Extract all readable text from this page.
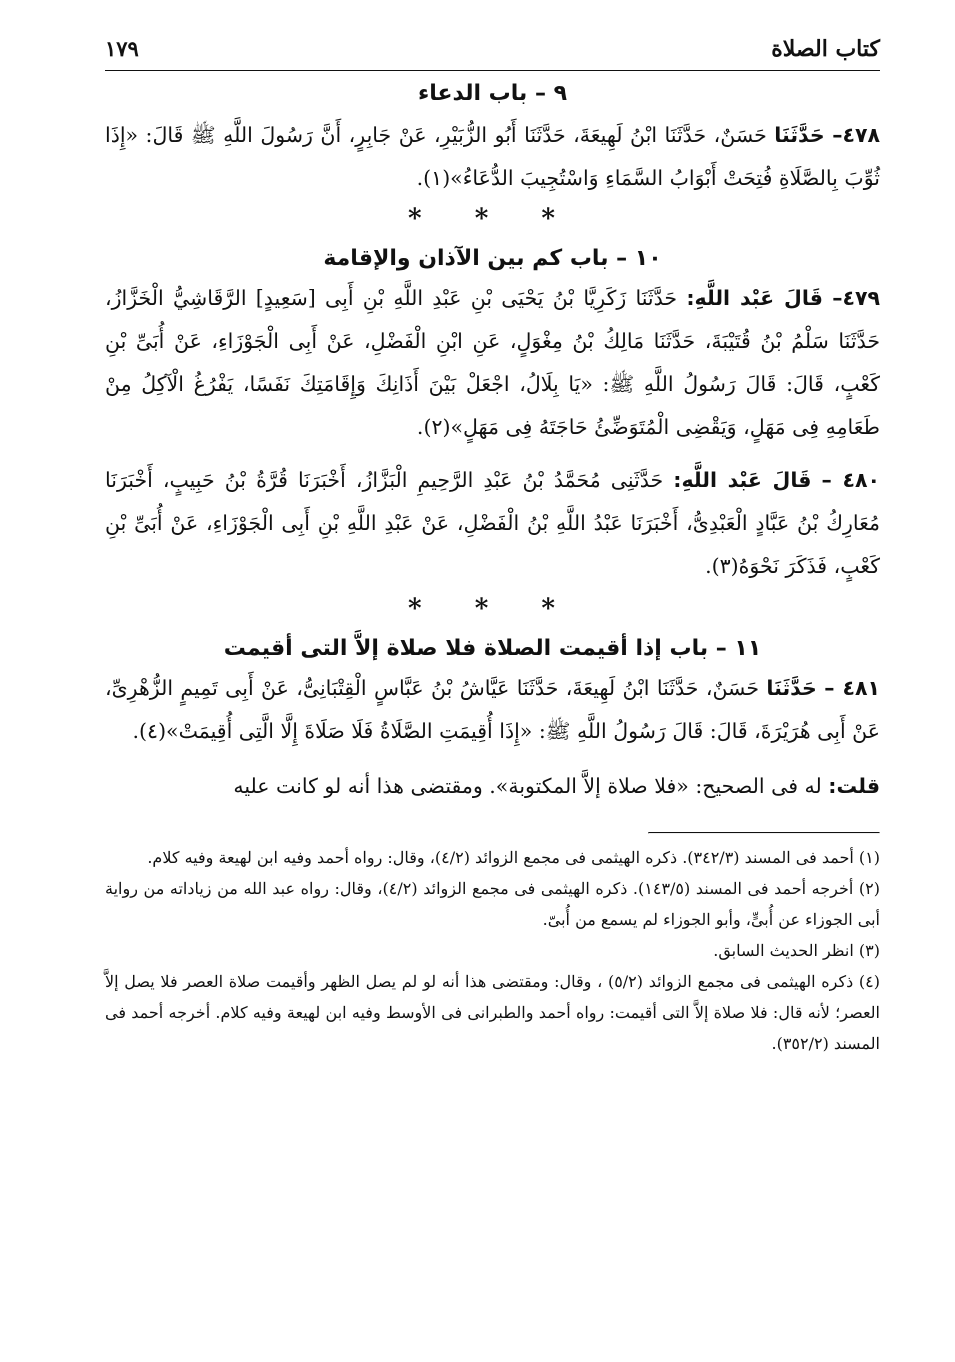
كتاب الصلاة
١٧٩
٩ – باب الدعاء

٤٧٨– حَدَّثَنَا حَسَنٌ، حَدَّثَنَا ابْنُ لَهِيعَةَ، حَدَّثَنَا أَبُو الزُّبَيْرِ، عَنْ جَابِرٍ، أَنَّ رَسُولَ اللَّهِ ﷺ قَالَ: «إِذَا ثُوِّبَ بِالصَّلَاةِ فُتِحَتْ أَبْوَابُ السَّمَاءِ وَاسْتُجِيبَ الدُّعَاءُ»(١).

* * *
١٠ – باب كم بين الآذان والإقامة

٤٧٩– قَالَ عَبْد اللَّهِ: حَدَّثَنَا زَكَرِيَّا بْنُ يَحْيَى بْنِ عَبْدِ اللَّهِ بْنِ أَبِى [سَعِيدٍ] الرَّقَاشِيُّ الْخَزَّازُ، حَدَّثَنَا سَلْمُ بْنُ قُتَيْبَةَ، حَدَّثَنَا مَالِكُ بْنُ مِغْوَلٍ، عَنِ ابْنِ الْفَضْلِ، عَنْ أَبِى الْجَوْزَاءِ، عَنْ أُبَىِّ بْنِ كَعْبٍ، قَالَ: قَالَ رَسُولُ اللَّهِ ﷺ: «يَا بِلَالُ، اجْعَلْ بَيْنَ أَذَانِكَ وَإِقَامَتِكَ نَفَسًا، يَفْرُغُ الْآكِلُ مِنْ طَعَامِهِ فِى مَهَلٍ، وَيَقْضِى الْمُتَوَضِّئُ حَاجَتَهُ فِى مَهَلٍ»(٢).

٤٨٠ – قَالَ عَبْد اللَّهِ: حَدَّثَنِى مُحَمَّدُ بْنُ عَبْدِ الرَّحِيمِ الْبَزَّازُ، أَخْبَرَنَا قُرَّةُ بْنُ حَبِيبٍ، أَخْبَرَنَا مُعَارِكُ بْنُ عَبَّادٍ الْعَبْدِىُّ، أَخْبَرَنَا عَبْدُ اللَّهِ بْنُ الْفَضْلِ، عَنْ عَبْدِ اللَّهِ بْنِ أَبِى الْجَوْزَاءِ، عَنْ أُبَىِّ بْنِ كَعْبٍ، فَذَكَرَ نَحْوَهُ(٣).

* * *
١١ – باب إذا أقيمت الصلاة فلا صلاة إلاَّ التى أقيمت

٤٨١ – حَدَّثَنَا حَسَنٌ، حَدَّثَنَا ابْنُ لَهِيعَةَ، حَدَّثَنَا عَيَّاشُ بْنُ عَبَّاسٍ الْقِتْبَانِىُّ، عَنْ أَبِى تَمِيمٍ الزُّهْرِىِّ، عَنْ أَبِى هُرَيْرَةَ، قَالَ: قَالَ رَسُولُ اللَّهِ ﷺ: «إِذَا أُقِيمَتِ الصَّلَاةُ فَلَا صَلَاةَ إِلَّا الَّتِى أُقِيمَتْ»(٤).

قلت: له فى الصحيح: «فلا صلاة إلاَّ المكتوبة». ومقتضى هذا أنه لو كانت عليه

(١) أحمد فى المسند (٣٤٢/٣). ذكره الهيثمى فى مجمع الزوائد (٤/٢)، وقال: رواه أحمد وفيه ابن لهيعة وفيه كلام.

(٢) أخرجه أحمد فى المسند (١٤٣/٥). ذكره الهيثمى فى مجمع الزوائد (٤/٢)، وقال: رواه عبد الله من زياداته من رواية أبى الجوزاء عن أُبىٍّ، وأبو الجوزاء لم يسمع من أُبىّ.

(٣) انظر الحديث السابق.

(٤) ذكره الهيثمى فى مجمع الزوائد (٥/٢) ، وقال: ومقتضى هذا أنه لو لم يصل الظهر وأقيمت صلاة العصر فلا يصل إلاَّ العصر؛ لأنه قال: فلا صلاة إلاَّ التى أقيمت: رواه أحمد والطبرانى فى الأوسط وفيه ابن لهيعة وفيه كلام. أخرجه أحمد فى المسند (٣٥٢/٢).
